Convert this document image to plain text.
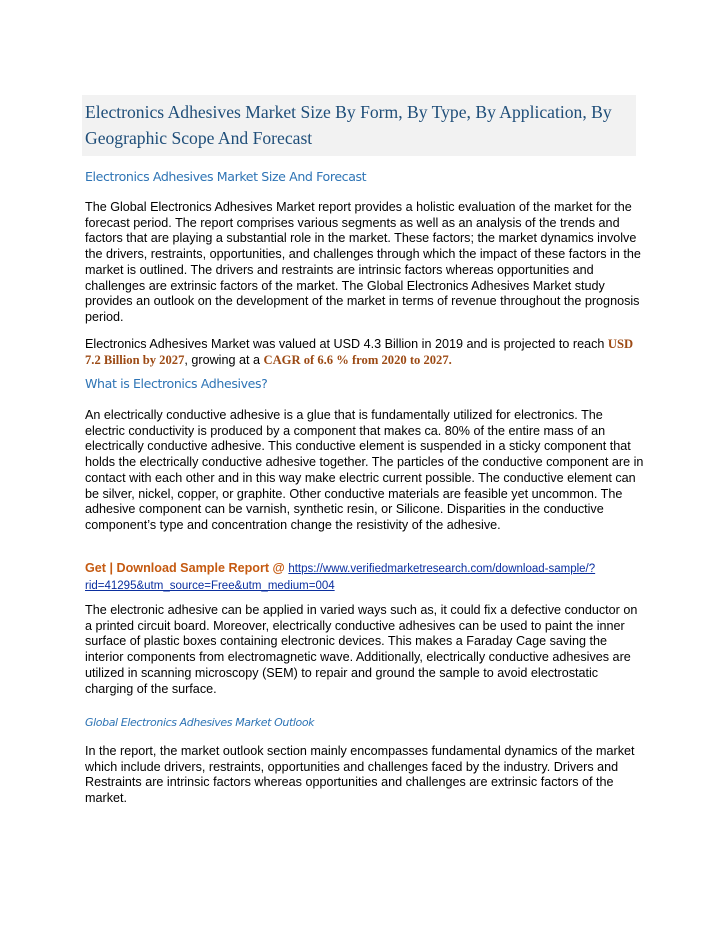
Electronics Adhesives Market Size By Form, By Type, By Application, By Geographic Scope And Forecast
Electronics Adhesives Market Size And Forecast

The Global Electronics Adhesives Market report provides a holistic evaluation of the market for the forecast period. The report comprises various segments as well as an analysis of the trends and factors that are playing a substantial role in the market. These factors; the market dynamics involve the drivers, restraints, opportunities, and challenges through which the impact of these factors in the market is outlined. The drivers and restraints are intrinsic factors whereas opportunities and challenges are extrinsic factors of the market. The Global Electronics Adhesives Market study provides an outlook on the development of the market in terms of revenue throughout the prognosis period.

Electronics Adhesives Market was valued at USD 4.3 Billion in 2019 and is projected to reach USD 7.2 Billion by 2027, growing at a CAGR of 6.6 % from 2020 to 2027.

What is Electronics Adhesives?

An electrically conductive adhesive is a glue that is fundamentally utilized for electronics. The electric conductivity is produced by a component that makes ca. 80% of the entire mass of an electrically conductive adhesive. This conductive element is suspended in a sticky component that holds the electrically conductive adhesive together. The particles of the conductive component are in contact with each other and in this way make electric current possible. The conductive element can be silver, nickel, copper, or graphite. Other conductive materials are feasible yet uncommon. The adhesive component can be varnish, synthetic resin, or Silicone. Disparities in the conductive component’s type and concentration change the resistivity of the adhesive.

Get | Download Sample Report @ https://www.verifiedmarketresearch.com/download-sample/?rid=41295&utm_source=Free&utm_medium=004

The electronic adhesive can be applied in varied ways such as, it could fix a defective conductor on a printed circuit board. Moreover, electrically conductive adhesives can be used to paint the inner surface of plastic boxes containing electronic devices. This makes a Faraday Cage saving the interior components from electromagnetic wave. Additionally, electrically conductive adhesives are utilized in scanning microscopy (SEM) to repair and ground the sample to avoid electrostatic charging of the surface.

Global Electronics Adhesives Market Outlook

In the report, the market outlook section mainly encompasses fundamental dynamics of the market which include drivers, restraints, opportunities and challenges faced by the industry. Drivers and Restraints are intrinsic factors whereas opportunities and challenges are extrinsic factors of the market.
